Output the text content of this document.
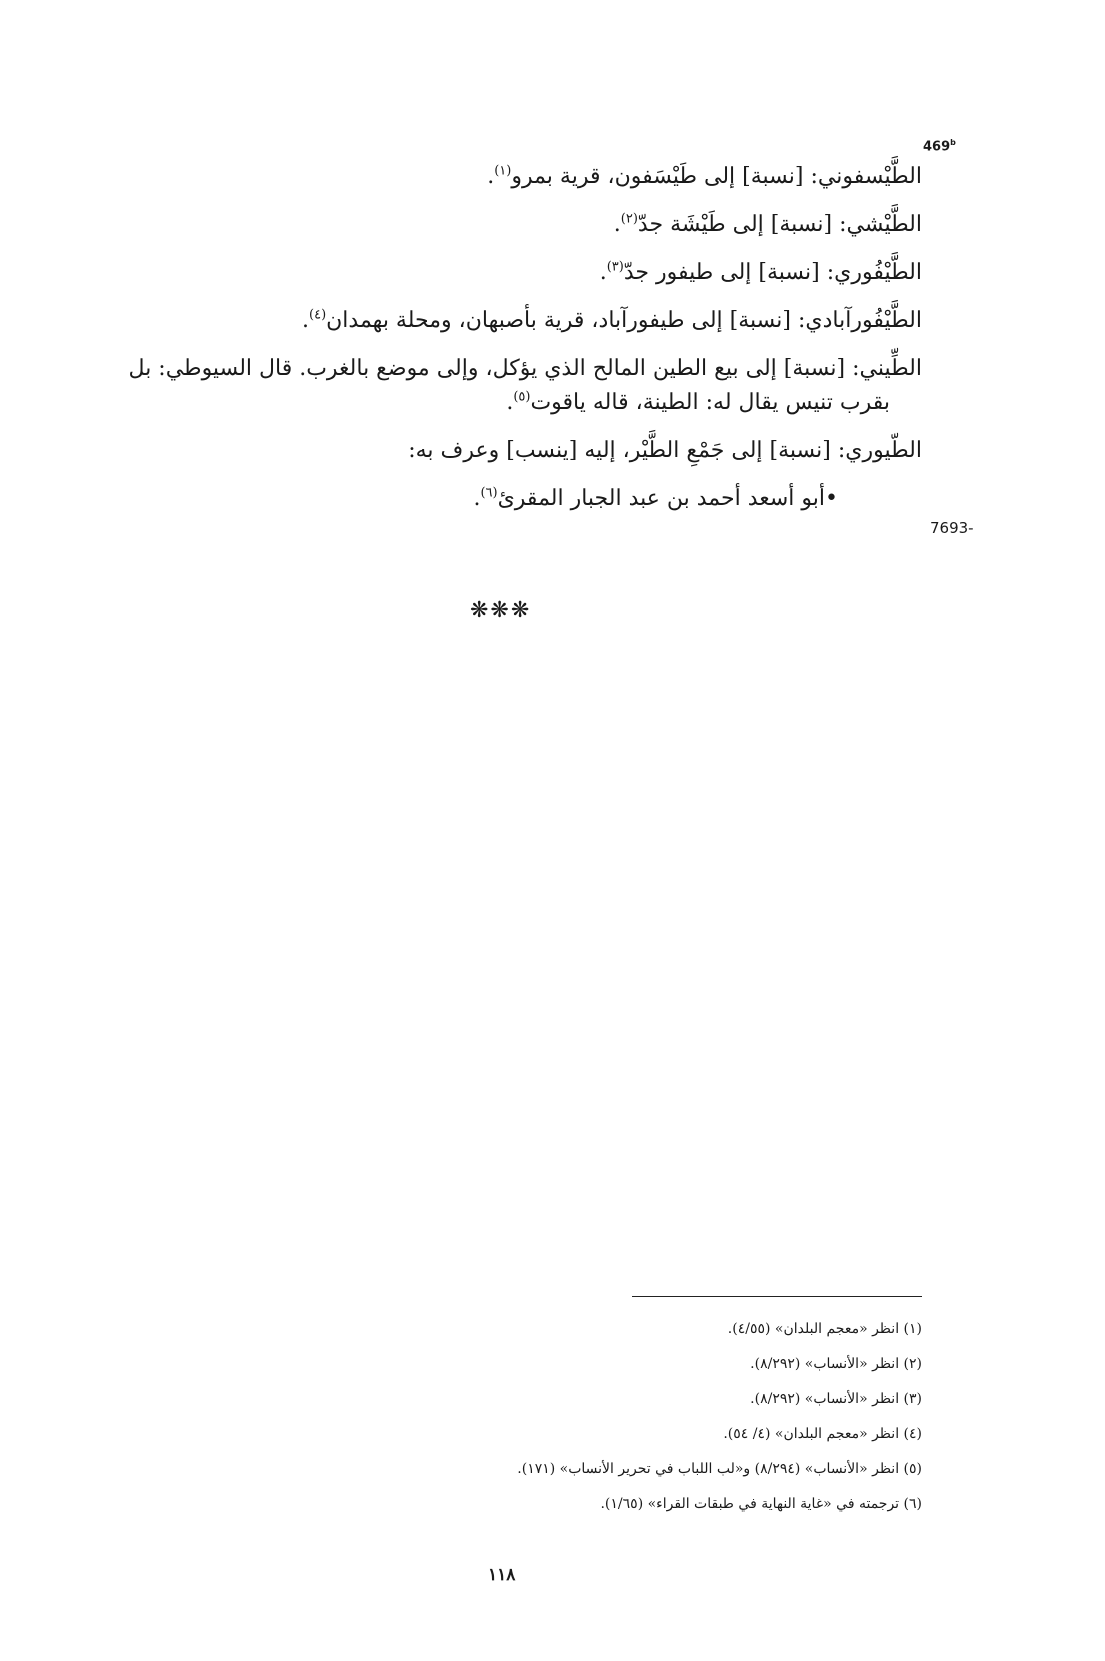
469$^b$
الطَّيْسفوني: [نسبة] إلى طَيْسَفون، قرية بمرو$^{(١)}$.
الطَّيْشي: [نسبة] إلى طَيْشَة جدّ$^{(٢)}$.
الطَّيْفُوري: [نسبة] إلى طيفور جدّ$^{(٣)}$.
الطَّيْفُورآبادي: [نسبة] إلى طيفورآباد، قرية بأصبهان، ومحلة بهمدان$^{(٤)}$.
الطِّيني: [نسبة] إلى بيع الطين المالح الذي يؤكل، وإلى موضع بالغرب. قال السيوطي: بل
بقرب تنيس يقال له: الطينة، قاله ياقوت$^{(٥)}$.
الطّيوري: [نسبة] إلى جَمْعِ الطَّيْر، إليه [ينسب] وعرف به:
•أبو أسعد أحمد بن عبد الجبار المقرئ$^{(٦)}$.
7693-
❋❋❋
(١) انظر «معجم البلدان» (٤/٥٥).
(٢) انظر «الأنساب» (٨/٢٩٢).
(٣) انظر «الأنساب» (٨/٢٩٢).
(٤) انظر «معجم البلدان» (٤/ ٥٤).
(٥) انظر «الأنساب» (٨/٢٩٤) و«لب اللباب في تحرير الأنساب» (١٧١).
(٦) ترجمته في «غاية النهاية في طبقات القراء» (١/٦٥).
١١٨
